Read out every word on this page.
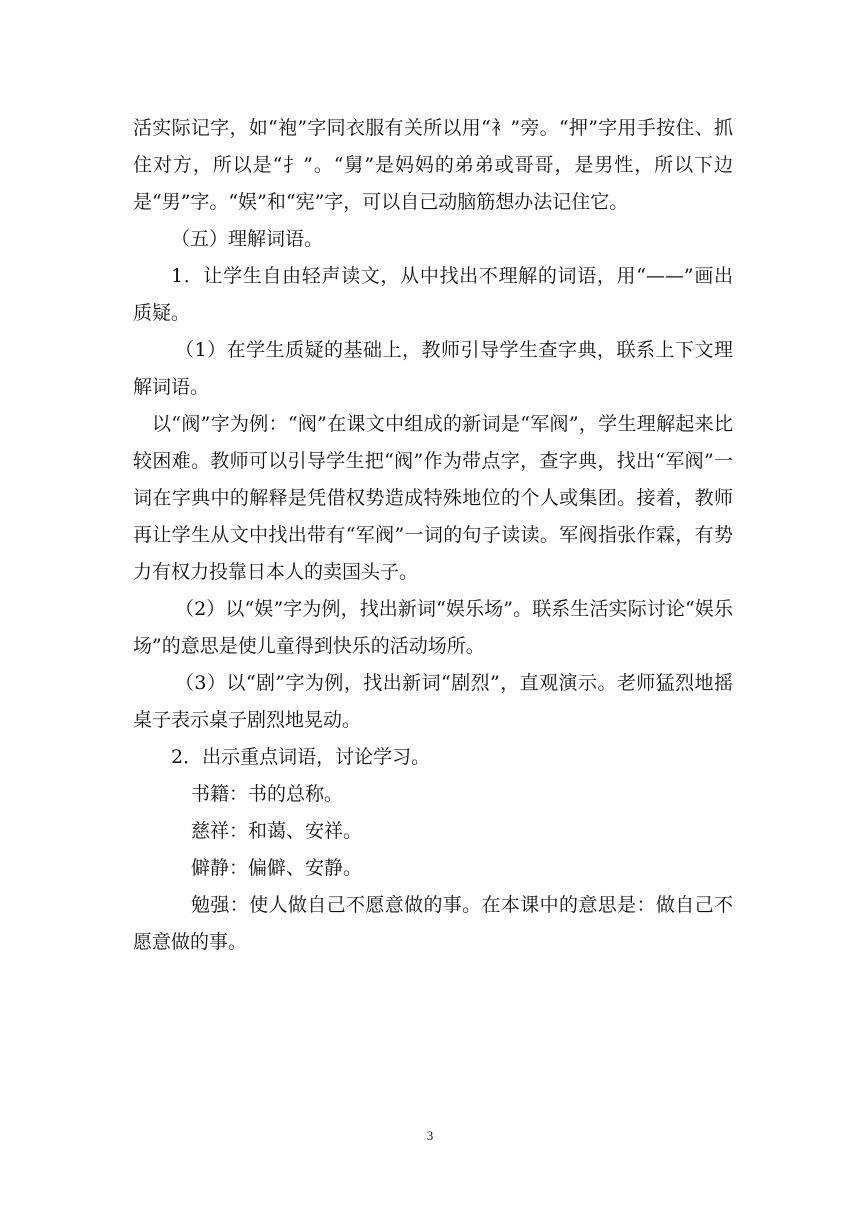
活实际记字，如“袍”字同衣服有关所以用“衤”旁。“押”字用手按住、抓住对方，所以是“扌”。“舅”是妈妈的弟弟或哥哥，是男性，所以下边是“男”字。“娱”和“宪”字，可以自己动脑筋想办法记住它。

（五）理解词语。

1．让学生自由轻声读文，从中找出不理解的词语，用“——”画出质疑。

（1）在学生质疑的基础上，教师引导学生查字典，联系上下文理解词语。

以“阀”字为例：“阀”在课文中组成的新词是“军阀”，学生理解起来比较困难。教师可以引导学生把“阀”作为带点字，查字典，找出“军阀”一词在字典中的解释是凭借权势造成特殊地位的个人或集团。接着，教师再让学生从文中找出带有“军阀”一词的句子读读。军阀指张作霖，有势力有权力投靠日本人的卖国头子。

（2）以“娱”字为例，找出新词“娱乐场”。联系生活实际讨论“娱乐场”的意思是使儿童得到快乐的活动场所。

（3）以“剧”字为例，找出新词“剧烈”，直观演示。老师猛烈地摇桌子表示桌子剧烈地晃动。

2．出示重点词语，讨论学习。

书籍：书的总称。

慈祥：和蔼、安祥。

僻静：偏僻、安静。

勉强：使人做自己不愿意做的事。在本课中的意思是：做自己不愿意做的事。

3
